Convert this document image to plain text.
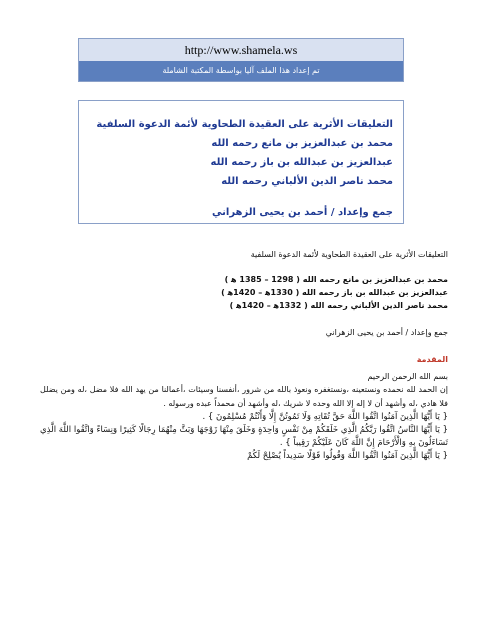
http://www.shamela.ws
تم إعداد هذا الملف آليا بواسطة المكتبة الشاملة
التعليقات الأثرية على العقيدة الطحاوية لأئمة الدعوة السلفية
محمد بن عبدالعزيز بن مانع رحمه الله
عبدالعزيز بن عبدالله بن باز رحمه الله
محمد ناصر الدين الألباني رحمه الله
جمع وإعداد / أحمد بن يحيى الزهراني
التعليقات الأثرية على العقيدة الطحاوية لأئمة الدعوة السلفية
محمد بن عبدالعزيز بن مانع رحمه الله ( 1298 – 1385 ﻫ )
عبدالعزيز بن عبدالله بن باز رحمه الله ( 1330ﻫ – 1420ﻫ )
محمد ناصر الدين الألباني رحمه الله ( 1332ﻫ – 1420ﻫ )
جمع وإعداد / أحمد بن يحيى الزهراني
المقدمة
بسم الله الرحمن الرحيم
إن الحمد لله نحمده ونستعينه ،ونستغفره ونعوذ بالله من شرور ،أنفسنا وسيئات ،أعمالنا من يهد الله فلا مضل ،له ومن يضلل فلا هادي ،له وأشهد أن لا إله إلا الله وحده لا شريك ،له وأشهد أن محمداً عبده ورسوله .
{ يَا أَيُّهَا الَّذِينَ آمَنُوا اتَّقُوا اللَّهَ حَقَّ تُقَاتِهِ وَلَا تَمُوتُنَّ إِلَّا وَأَنْتُمْ مُسْلِمُونَ } .
{ يَا أَيُّهَا النَّاسُ اتَّقُوا رَبَّكُمُ الَّذِي خَلَقَكُمْ مِنْ نَفْسٍ وَاحِدَةٍ وَخَلَقَ مِنْهَا زَوْجَهَا وَبَثَّ مِنْهُمَا رِجَالًا كَثِيرًا وَنِسَاءً وَاتَّقُوا اللَّهَ الَّذِي تَسَاءَلُونَ بِهِ وَالْأَرْحَامَ إِنَّ اللَّهَ كَانَ عَلَيْكُمْ رَقِيباً } .
{ يَا أَيُّهَا الَّذِينَ آمَنُوا اتَّقُوا اللَّهَ وَقُولُوا قَوْلًا سَدِيداً يُصْلِحْ لَكُمْ
